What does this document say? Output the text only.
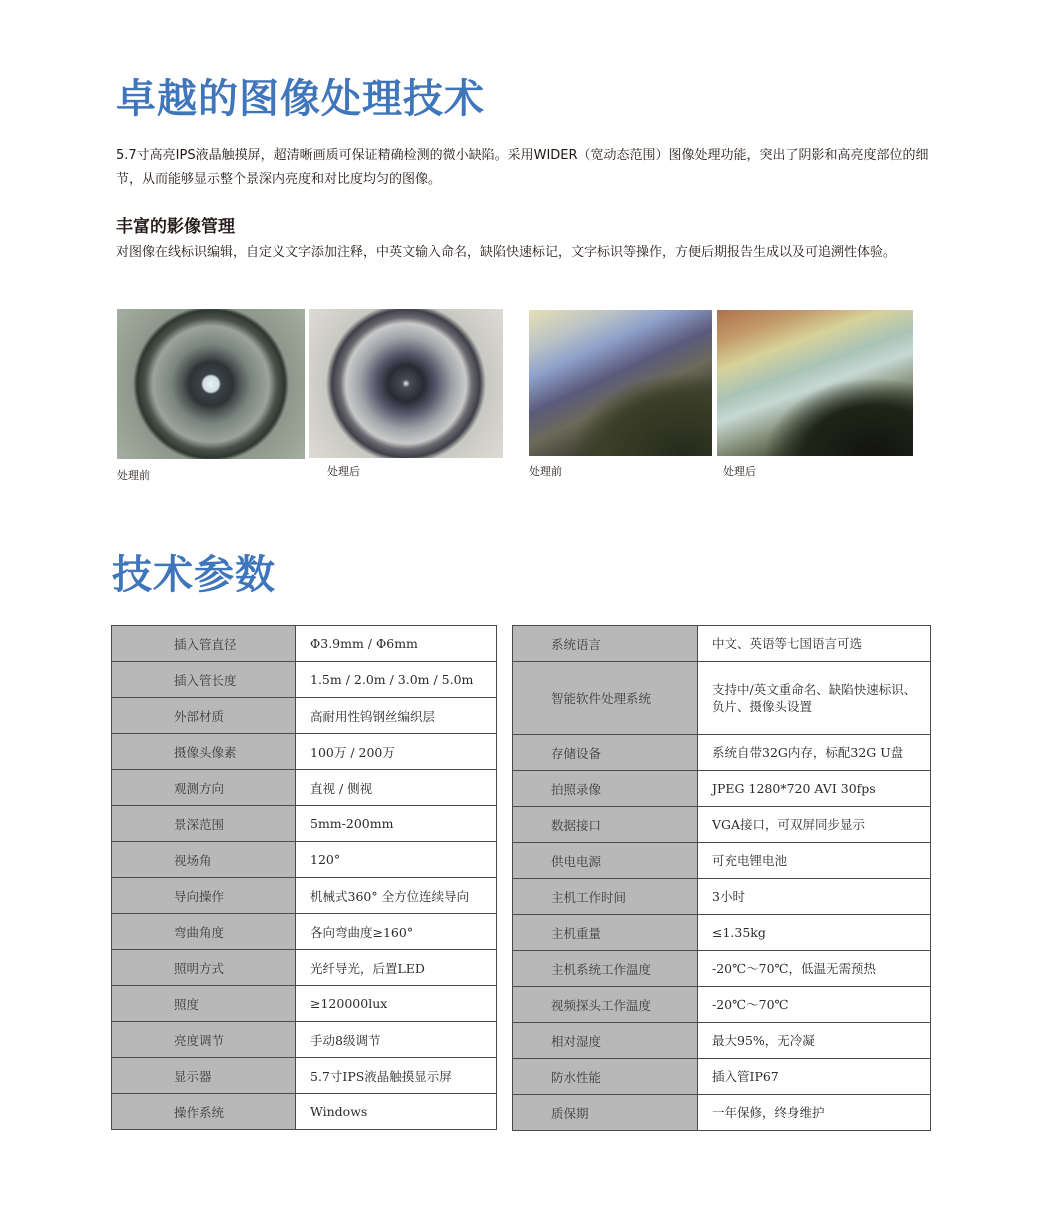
卓越的图像处理技术

5.7寸高亮IPS液晶触摸屏，超清晰画质可保证精确检测的微小缺陷。采用WIDER（宽动态范围）图像处理功能，突出了阴影和高亮度部位的细节，从而能够显示整个景深内亮度和对比度均匀的图像。

丰富的影像管理

对图像在线标识编辑，自定义文字添加注释，中英文输入命名，缺陷快速标记，文字标识等操作，方便后期报告生成以及可追溯性体验。

处理前	处理后	处理前	处理后
技术参数
插入管直径	Φ3.9mm / Φ6mm
插入管长度	1.5m / 2.0m / 3.0m / 5.0m
外部材质	高耐用性钨钢丝编织层
摄像头像素	100万 / 200万
观测方向	直视 / 侧视
景深范围	5mm-200mm
视场角	120°
导向操作	机械式360° 全方位连续导向
弯曲角度	各向弯曲度≥160°
照明方式	光纤导光，后置LED
照度	≥120000lux
亮度调节	手动8级调节
显示器	5.7寸IPS液晶触摸显示屏
操作系统	Windows
系统语言	中文、英语等七国语言可选
智能软件处理系统	支持中/英文重命名、缺陷快速标识、负片、摄像头设置
存储设备	系统自带32G内存，标配32G U盘
拍照录像	JPEG 1280*720 AVI 30fps
数据接口	VGA接口，可双屏同步显示
供电电源	可充电锂电池
主机工作时间	3小时
主机重量	≤1.35kg
主机系统工作温度	-20℃～70℃，低温无需预热
视频探头工作温度	-20℃～70℃
相对湿度	最大95%，无冷凝
防水性能	插入管IP67
质保期	一年保修，终身维护
